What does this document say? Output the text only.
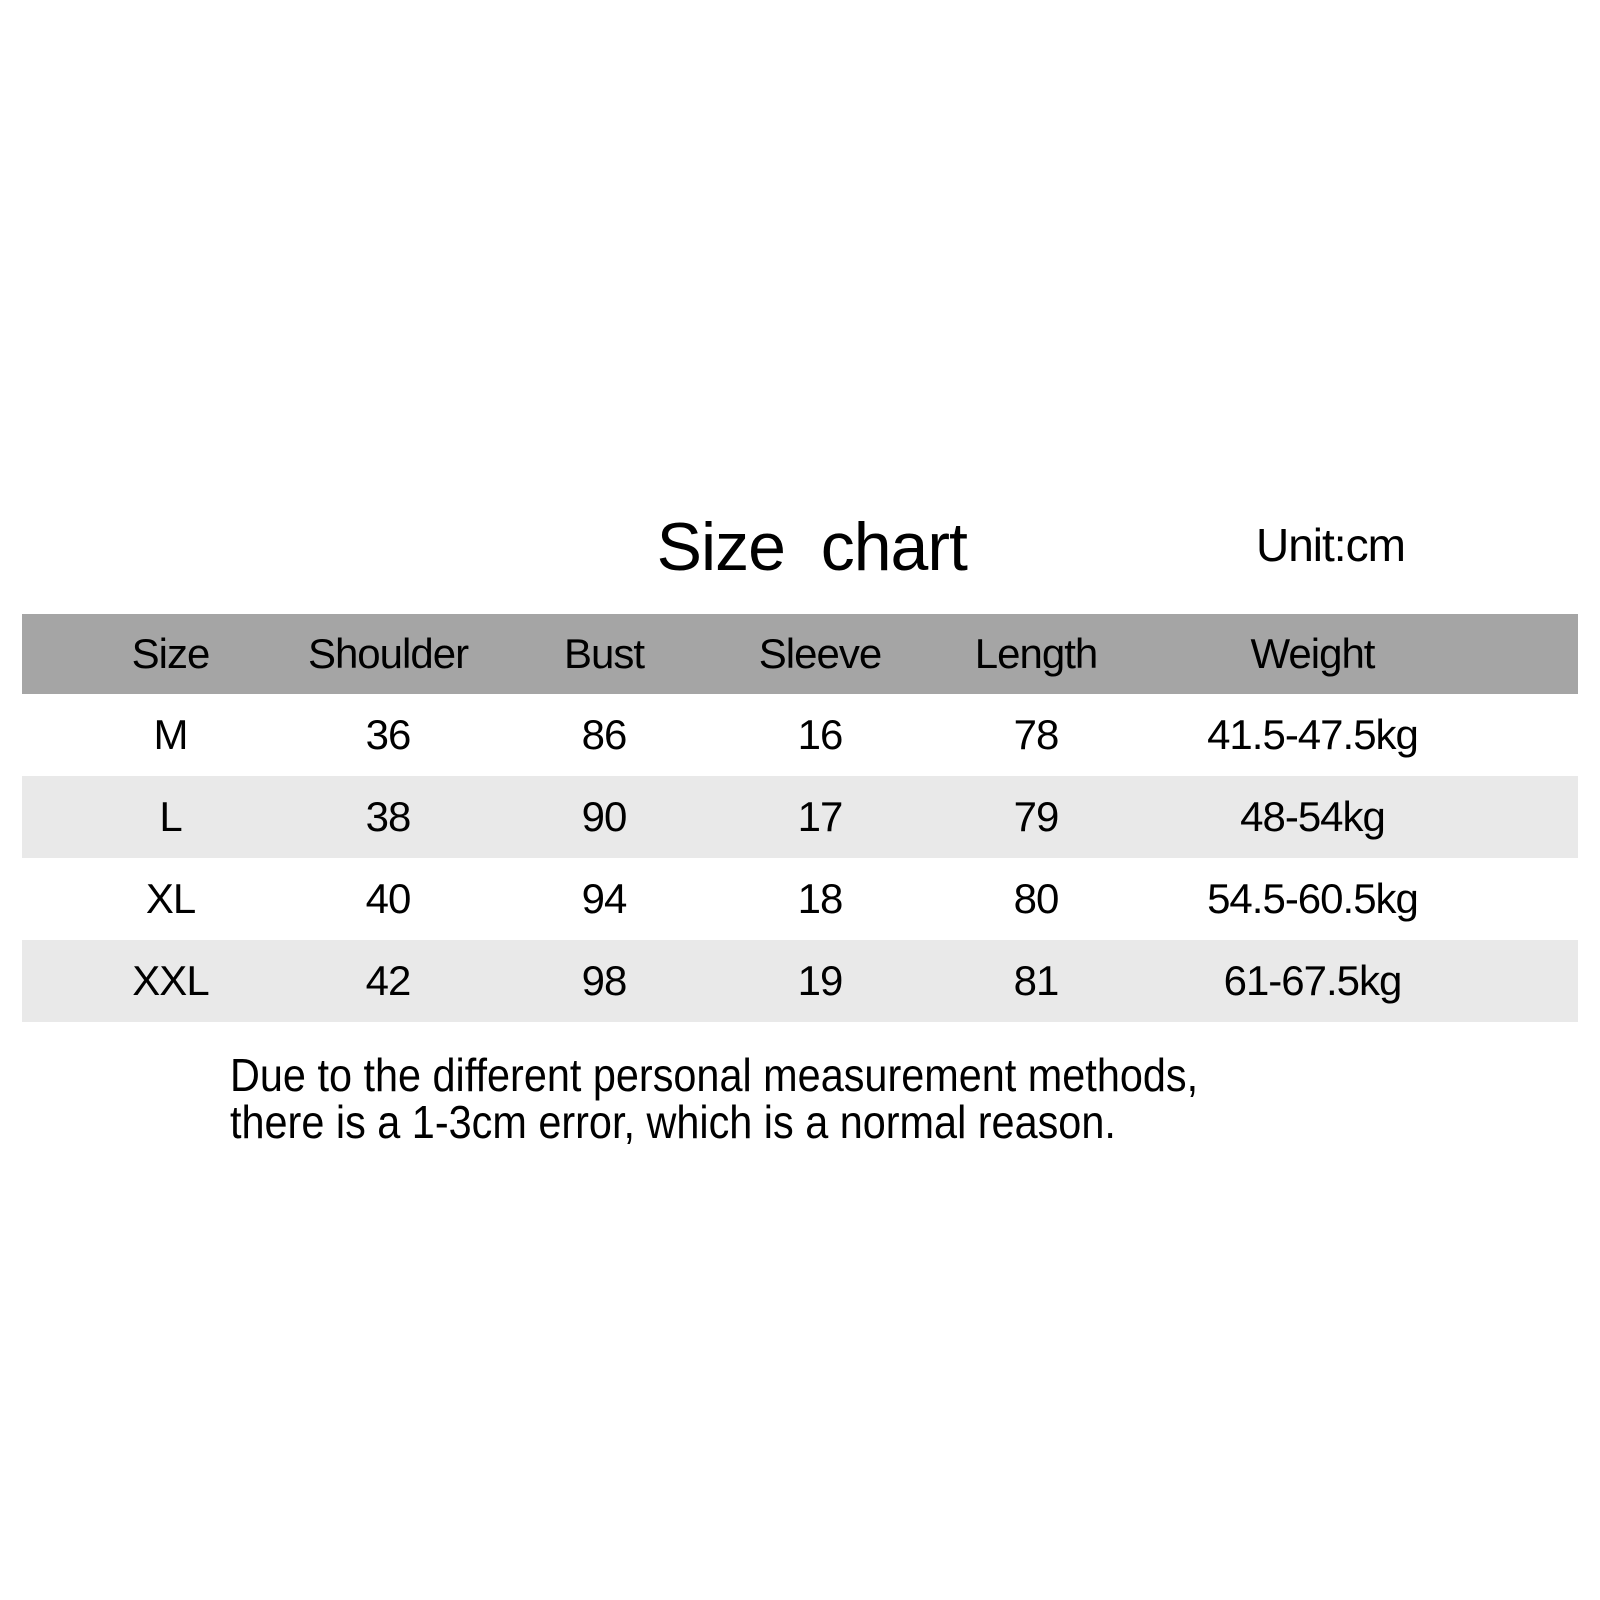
Size  chart
	Unit:cm
Size	Shoulder	Bust	Sleeve	Length	Weight
M	36	86	16	78	41.5-47.5kg
L	38	90	17	79	48-54kg
XL	40	94	18	80	54.5-60.5kg
XXL	42	98	19	81	61-67.5kg
Due to the different personal measurement methods,
there is a 1-3cm error, which is a normal reason.
